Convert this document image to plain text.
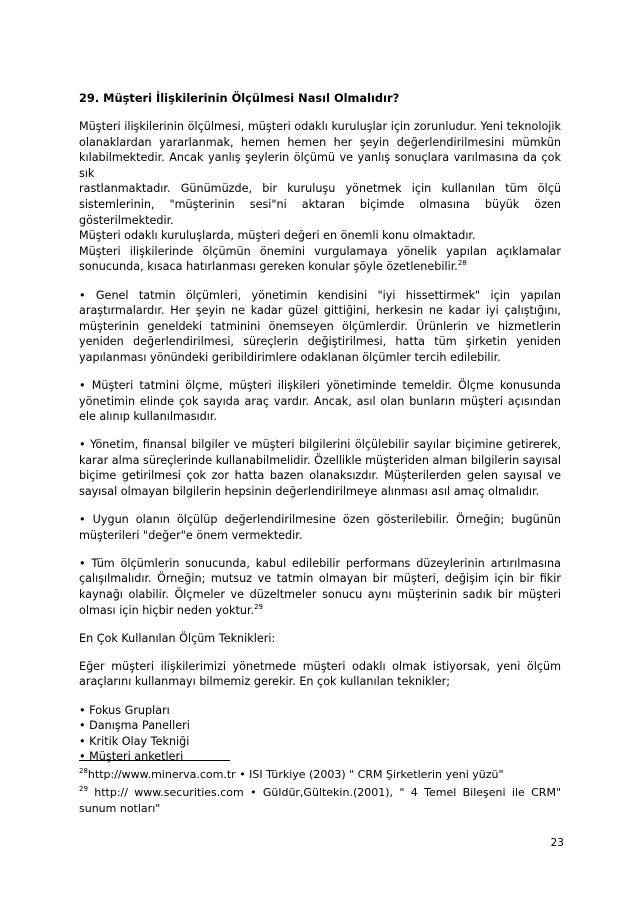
29. Müşteri İlişkilerinin Ölçülmesi Nasıl Olmalıdır?

Müşteri ilişkilerinin ölçülmesi, müşteri odaklı kuruluşlar için zorunludur. Yeni teknolojik
olanaklardan yararlanmak, hemen hemen her şeyin değerlendirilmesini mümkün
kılabilmektedir. Ancak yanlış şeylerin ölçümü ve yanlış sonuçlara varılmasına da çok sık
rastlanmaktadır. Günümüzde, bir kuruluşu yönetmek için kullanılan tüm ölçü
sistemlerinin, "müşterinin sesi"ni aktaran biçimde olmasına büyük özen gösterilmektedir.
Müşteri odaklı kuruluşlarda, müşteri değeri en önemli konu olmaktadır.
Müşteri ilişkilerinde ölçümün önemini vurgulamaya yönelik yapılan açıklamalar
sonucunda, kısaca hatırlanması gereken konular şöyle özetlenebilir.$^{28}$

• Genel tatmin ölçümleri, yönetimin kendisini "iyi hissettirmek" için yapılan araştırmalardır. Her şeyin ne kadar güzel gittiğini, herkesin ne kadar iyi çalıştığını, müşterinin geneldeki tatminini önemseyen ölçümlerdir. Ürünlerin ve hizmetlerin yeniden değerlendirilmesi, süreçlerin değiştirilmesi, hatta tüm şirketin yeniden yapılanması yönündeki geribildirimlere odaklanan ölçümler tercih edilebilir.

• Müşteri tatmini ölçme, müşteri ilişkileri yönetiminde temeldir. Ölçme konusunda yönetimin elinde çok sayıda araç vardır. Ancak, asıl olan bunların müşteri açısından ele alınıp kullanılmasıdır.

• Yönetim, finansal bilgiler ve müşteri bilgilerini ölçülebilir sayılar biçimine getirerek, karar alma süreçlerinde kullanabilmelidir. Özellikle müşteriden alman bilgilerin sayısal biçime getirilmesi çok zor hatta bazen olanaksızdır. Müşterilerden gelen sayısal ve sayısal olmayan bilgilerin hepsinin değerlendirilmeye alınması asıl amaç olmalıdır.

• Uygun olanın ölçülüp değerlendirilmesine özen gösterilebilir. Örneğin; bugünün müşterileri "değer"e önem vermektedir.

• Tüm ölçümlerin sonucunda, kabul edilebilir performans düzeylerinin artırılmasına çalışılmalıdır. Örneğin; mutsuz ve tatmin olmayan bir müşteri, değişim için bir fikir kaynağı olabilir. Ölçmeler ve düzeltmeler sonucu aynı müşterinin sadık bir müşteri olması için hiçbir neden yoktur.$^{29}$

En Çok Kullanılan Ölçüm Teknikleri:

Eğer müşteri ilişkilerimizi yönetmede müşteri odaklı olmak istiyorsak, yeni ölçüm araçlarını kullanmayı bilmemiz gerekir. En çok kullanılan teknikler;

• Fokus Grupları
• Danışma Panelleri
• Kritik Olay Tekniği
• Müşteri anketleri

$^{28}$http://www.minerva.com.tr • ISI Türkiye (2003) " CRM Şirketlerin yeni yüzü"

$^{29}$ http:// www.securities.com • Güldür,Gültekin.(2001), " 4 Temel Bileşeni ile CRM" sunum notları"

23
